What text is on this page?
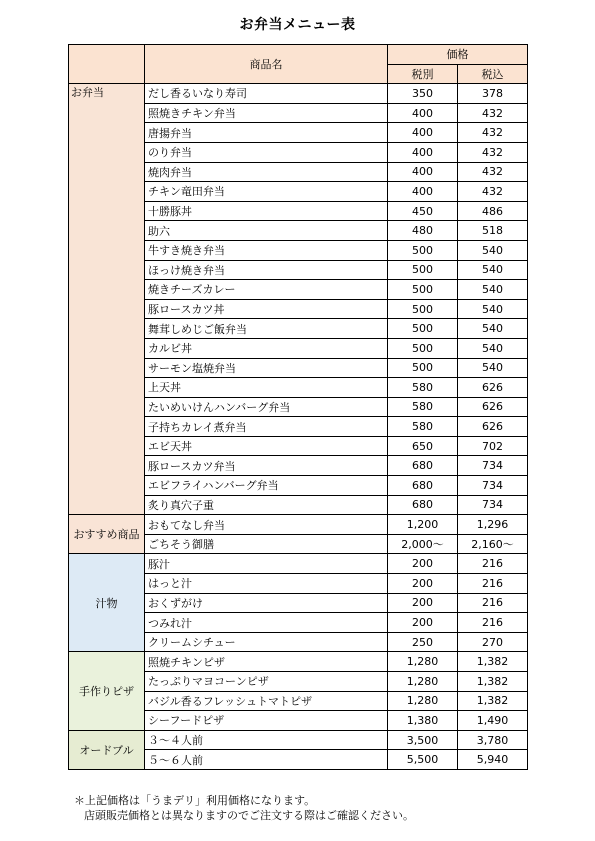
お弁当メニュー表
	商品名	価格	
		税別	税込
お弁当	だし香るいなり寿司	350	378
	照焼きチキン弁当	400	432
	唐揚弁当	400	432
	のり弁当	400	432
	焼肉弁当	400	432
	チキン竜田弁当	400	432
	十勝豚丼	450	486
	助六	480	518
	牛すき焼き弁当	500	540
	ほっけ焼き弁当	500	540
	焼きチーズカレー	500	540
	豚ロースカツ丼	500	540
	舞茸しめじご飯弁当	500	540
	カルビ丼	500	540
	サーモン塩焼弁当	500	540
	上天丼	580	626
	たいめいけんハンバーグ弁当	580	626
	子持ちカレイ煮弁当	580	626
	エビ天丼	650	702
	豚ロースカツ弁当	680	734
	エビフライハンバーグ弁当	680	734
	炙り真穴子重	680	734
おすすめ商品	おもてなし弁当	1,200	1,296
	ごちそう御膳	2,000～	2,160～
汁物	豚汁	200	216
	はっと汁	200	216
	おくずがけ	200	216
	つみれ汁	200	216
	クリームシチュー	250	270
手作りピザ	照焼チキンピザ	1,280	1,382
	たっぷりマヨコーンピザ	1,280	1,382
	バジル香るフレッシュトマトピザ	1,280	1,382
	シーフードピザ	1,380	1,490
オードブル	３～４人前	3,500	3,780
	５～６人前	5,500	5,940
＊上記価格は「うまデリ」利用価格になります。
店頭販売価格とは異なりますのでご注文する際はご確認ください。
